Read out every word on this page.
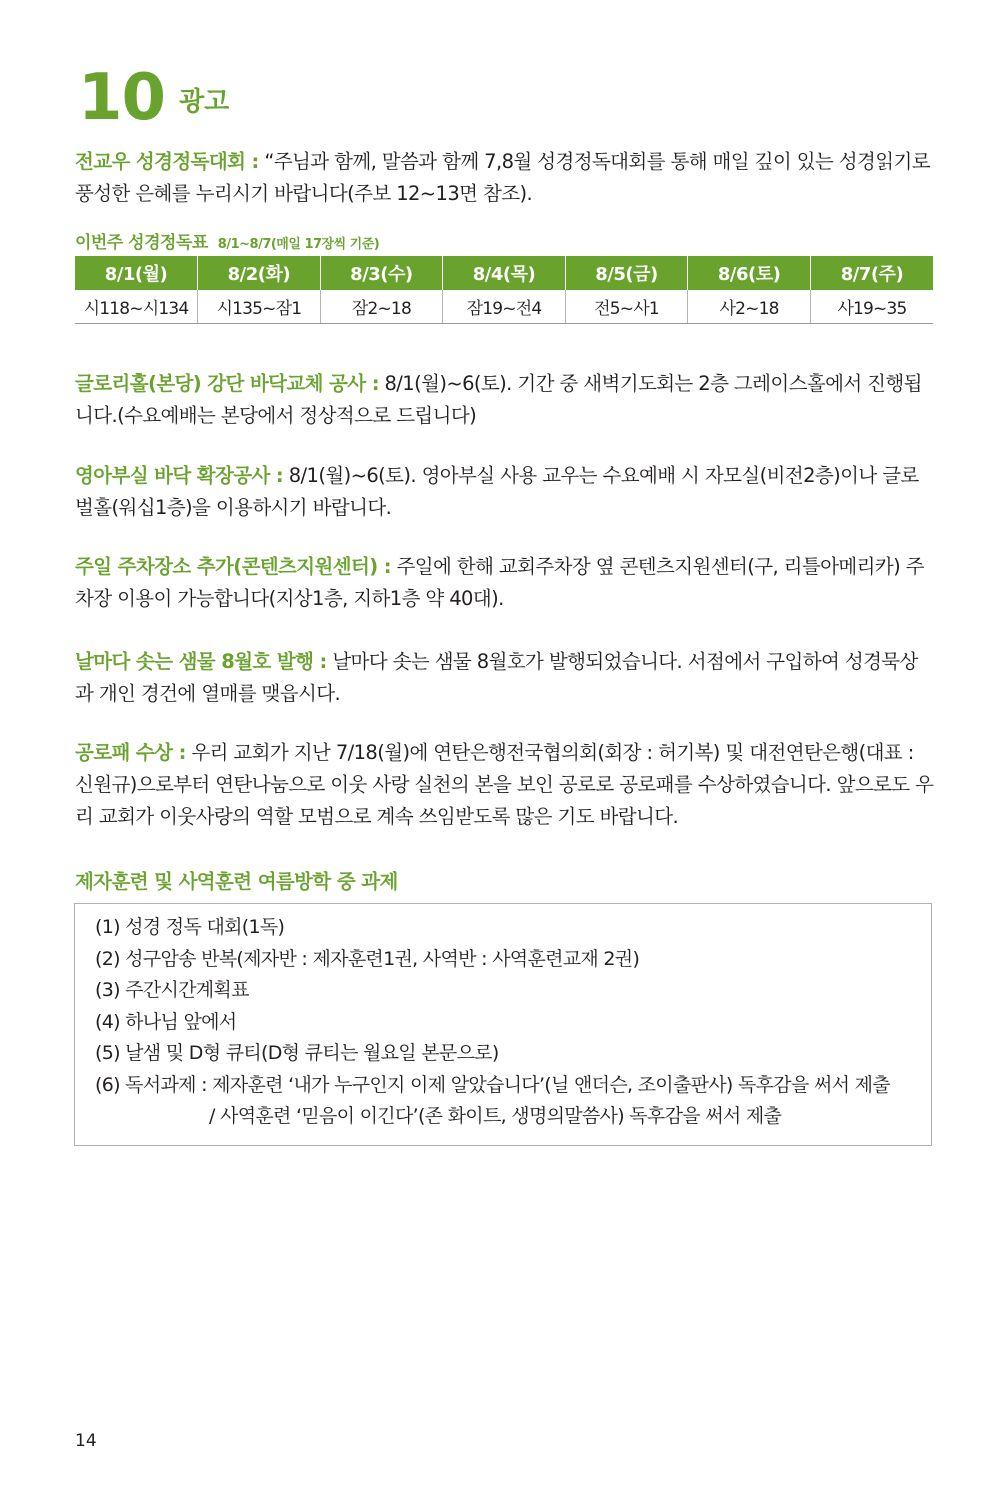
10 광고

전교우 성경정독대회 : “주님과 함께, 말씀과 함께 7,8월 성경정독대회를 통해 매일 깊이 있는 성경읽기로 풍성한 은혜를 누리시기 바랍니다(주보 12~13면 참조).

이번주 성경정독표 8/1~8/7(매일 17장씩 기준)
8/1(월)	8/2(화)	8/3(수)	8/4(목)	8/5(금)	8/6(토)	8/7(주)
시118~시134	시135~잠1	잠2~18	잠19~전4	전5~사1	사2~18	사19~35

글로리홀(본당) 강단 바닥교체 공사 : 8/1(월)~6(토). 기간 중 새벽기도회는 2층 그레이스홀에서 진행됩니다.(수요예배는 본당에서 정상적으로 드립니다)

영아부실 바닥 확장공사 : 8/1(월)~6(토). 영아부실 사용 교우는 수요예배 시 자모실(비전2층)이나 글로벌홀(워십1층)을 이용하시기 바랍니다.

주일 주차장소 추가(콘텐츠지원센터) : 주일에 한해 교회주차장 옆 콘텐츠지원센터(구, 리틀아메리카) 주차장 이용이 가능합니다(지상1층, 지하1층 약 40대).

날마다 솟는 샘물 8월호 발행 : 날마다 솟는 샘물 8월호가 발행되었습니다. 서점에서 구입하여 성경묵상과 개인 경건에 열매를 맺읍시다.

공로패 수상 : 우리 교회가 지난 7/18(월)에 연탄은행전국협의회(회장 : 허기복) 및 대전연탄은행(대표 : 신원규)으로부터 연탄나눔으로 이웃 사랑 실천의 본을 보인 공로로 공로패를 수상하였습니다. 앞으로도 우리 교회가 이웃사랑의 역할 모범으로 계속 쓰임받도록 많은 기도 바랍니다.

제자훈련 및 사역훈련 여름방학 중 과제
(1) 성경 정독 대회(1독)
(2) 성구암송 반복(제자반 : 제자훈련1권, 사역반 : 사역훈련교재 2권)
(3) 주간시간계획표
(4) 하나님 앞에서
(5) 날샘 및 D형 큐티(D형 큐티는 월요일 본문으로)
(6) 독서과제 : 제자훈련 ‘내가 누구인지 이제 알았습니다’(닐 앤더슨, 조이출판사) 독후감을 써서 제출
/ 사역훈련 ‘믿음이 이긴다’(존 화이트, 생명의말씀사) 독후감을 써서 제출
14
